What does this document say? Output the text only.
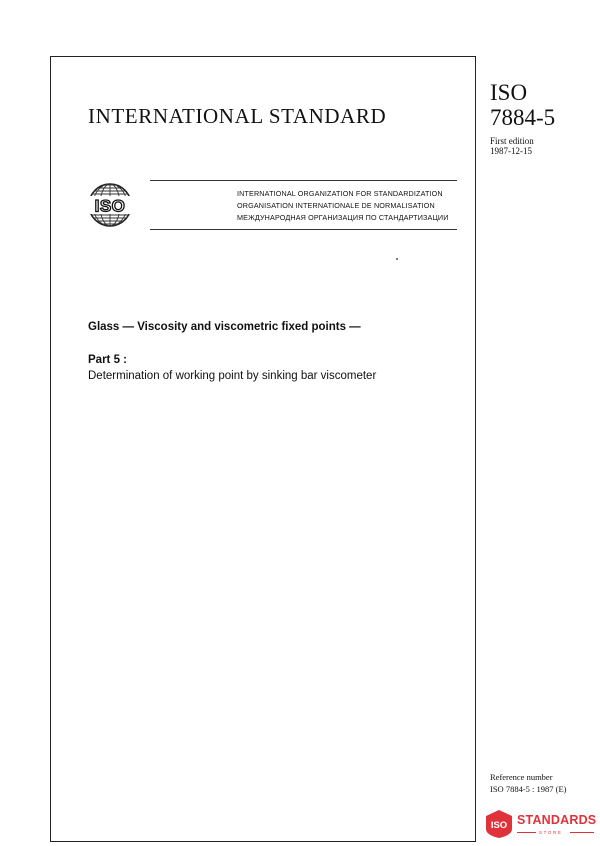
INTERNATIONAL STANDARD
ISO
7884-5
First edition
1987-12-15
ISO
INTERNATIONAL ORGANIZATION FOR STANDARDIZATION
ORGANISATION INTERNATIONALE DE NORMALISATION
МЕЖДУНАРОДНАЯ ОРГАНИЗАЦИЯ ПО СТАНДАРТИЗАЦИИ
Glass — Viscosity and viscometric fixed points —
Part 5 :
Determination of working point by sinking bar viscometer
Reference number
ISO 7884-5 : 1987 (E)
ISO STANDARDS
STORE
